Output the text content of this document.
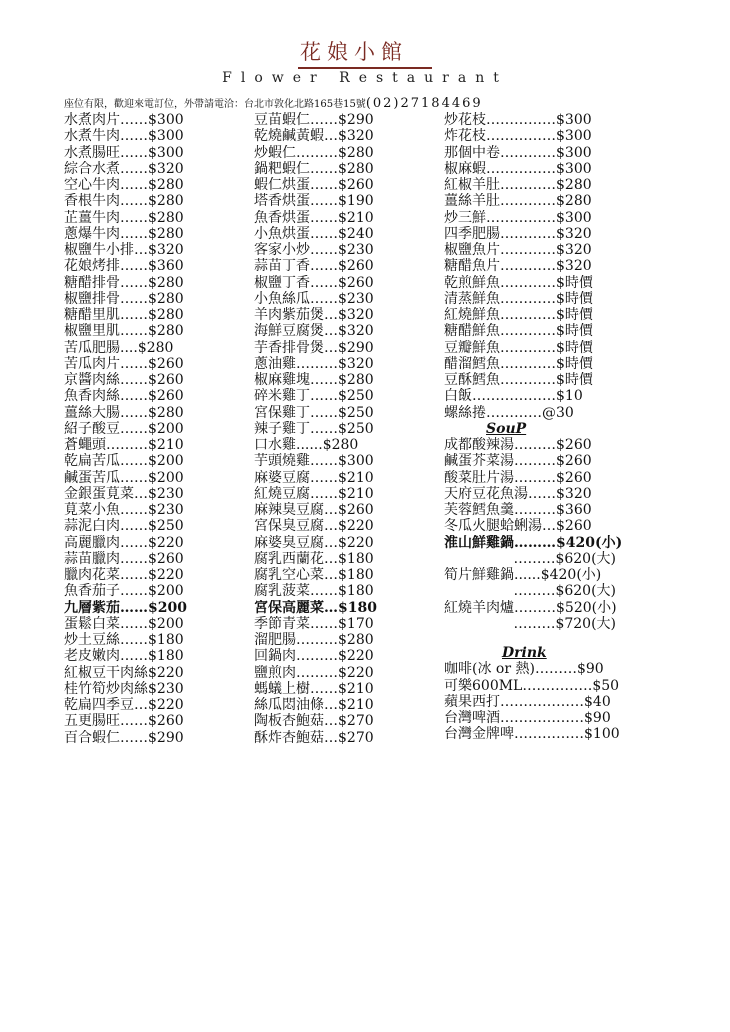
花娘小館
Flower Restaurant
座位有限，歡迎來電訂位，外帶請電洽：台北市敦化北路165巷15號(02)27184469
水煮肉片……$300
水煮牛肉……$300
水煮腸旺……$300
綜合水煮……$320
空心牛肉……$280
香根牛肉……$280
芷薑牛肉……$280
蔥爆牛肉……$280
椒鹽牛小排…$320
花娘烤排……$360
糖醋排骨……$280
椒鹽排骨……$280
糖醋里肌……$280
椒鹽里肌……$280
苦瓜肥腸....$280
苦瓜肉片……$260
京醬肉絲……$260
魚香肉絲……$260
薑絲大腸……$280
紹子酸豆……$200
蒼蠅頭………$210
乾扁苦瓜……$200
鹹蛋苦瓜……$200
金銀蛋莧菜…$230
莧菜小魚……$230
蒜泥白肉……$250
高麗臘肉……$220
蒜苗臘肉……$260
臘肉花菜……$220
魚香茄子……$200
九層紫茄……$200
蛋鬆白菜……$200
炒土豆絲……$180
老皮嫩肉……$180
紅椒豆干肉絲$220
桂竹筍炒肉絲$230
乾扁四季豆…$220
五更腸旺……$260
百合蝦仁……$290
豆苗蝦仁……$290
乾燒鹹黃蝦…$320
炒蝦仁………$280
鍋粑蝦仁……$280
蝦仁烘蛋……$260
塔香烘蛋……$190
魚香烘蛋……$210
小魚烘蛋……$240
客家小炒……$230
蒜苗丁香……$260
椒鹽丁香……$260
小魚絲瓜……$230
羊肉紫茄煲…$320
海鮮豆腐煲…$320
芋香排骨煲…$290
蔥油雞………$320
椒麻雞塊……$280
碎米雞丁……$250
宮保雞丁……$250
辣子雞丁……$250
口水雞......$280
芋頭燒雞……$300
麻婆豆腐……$210
紅燒豆腐……$210
麻辣臭豆腐…$260
宮保臭豆腐…$220
麻婆臭豆腐…$220
腐乳西蘭花…$180
腐乳空心菜…$180
腐乳菠菜……$180
宮保高麗菜…$180
季節青菜……$170
溜肥腸………$280
回鍋肉………$220
鹽煎肉………$220
螞蟻上樹……$210
絲瓜悶油條…$210
陶板杏鮑菇…$270
酥炸杏鮑菇…$270
炒花枝……………$300
炸花枝……………$300
那個中卷…………$300
椒麻蝦……………$300
紅椒羊肚…………$280
薑絲羊肚…………$280
炒三鮮……………$300
四季肥腸…………$320
椒鹽魚片…………$320
糖醋魚片…………$320
乾煎鮮魚…………$時價
清蒸鮮魚…………$時價
紅燒鮮魚…………$時價
糖醋鮮魚…………$時價
豆瓣鮮魚…………$時價
醋溜鱈魚…………$時價
豆酥鱈魚…………$時價
白飯………………$10
螺絲捲…………@30
SouP
成都酸辣湯………$260
鹹蛋芥菜湯………$260
酸菜肚片湯………$260
天府豆花魚湯……$320
芙蓉鱈魚羹………$360
冬瓜火腿蛤蜊湯…$260
淮山鮮雞鍋………$420(小)
………$620(大)
筍片鮮雞鍋......$420(小)
………$620(大)
紅燒羊肉爐………$520(小)
………$720(大)
Drink
咖啡(冰 or 熱)………$90
可樂600ML……………$50
蘋果西打………………$40
台灣啤酒………………$90
台灣金牌啤……………$100
